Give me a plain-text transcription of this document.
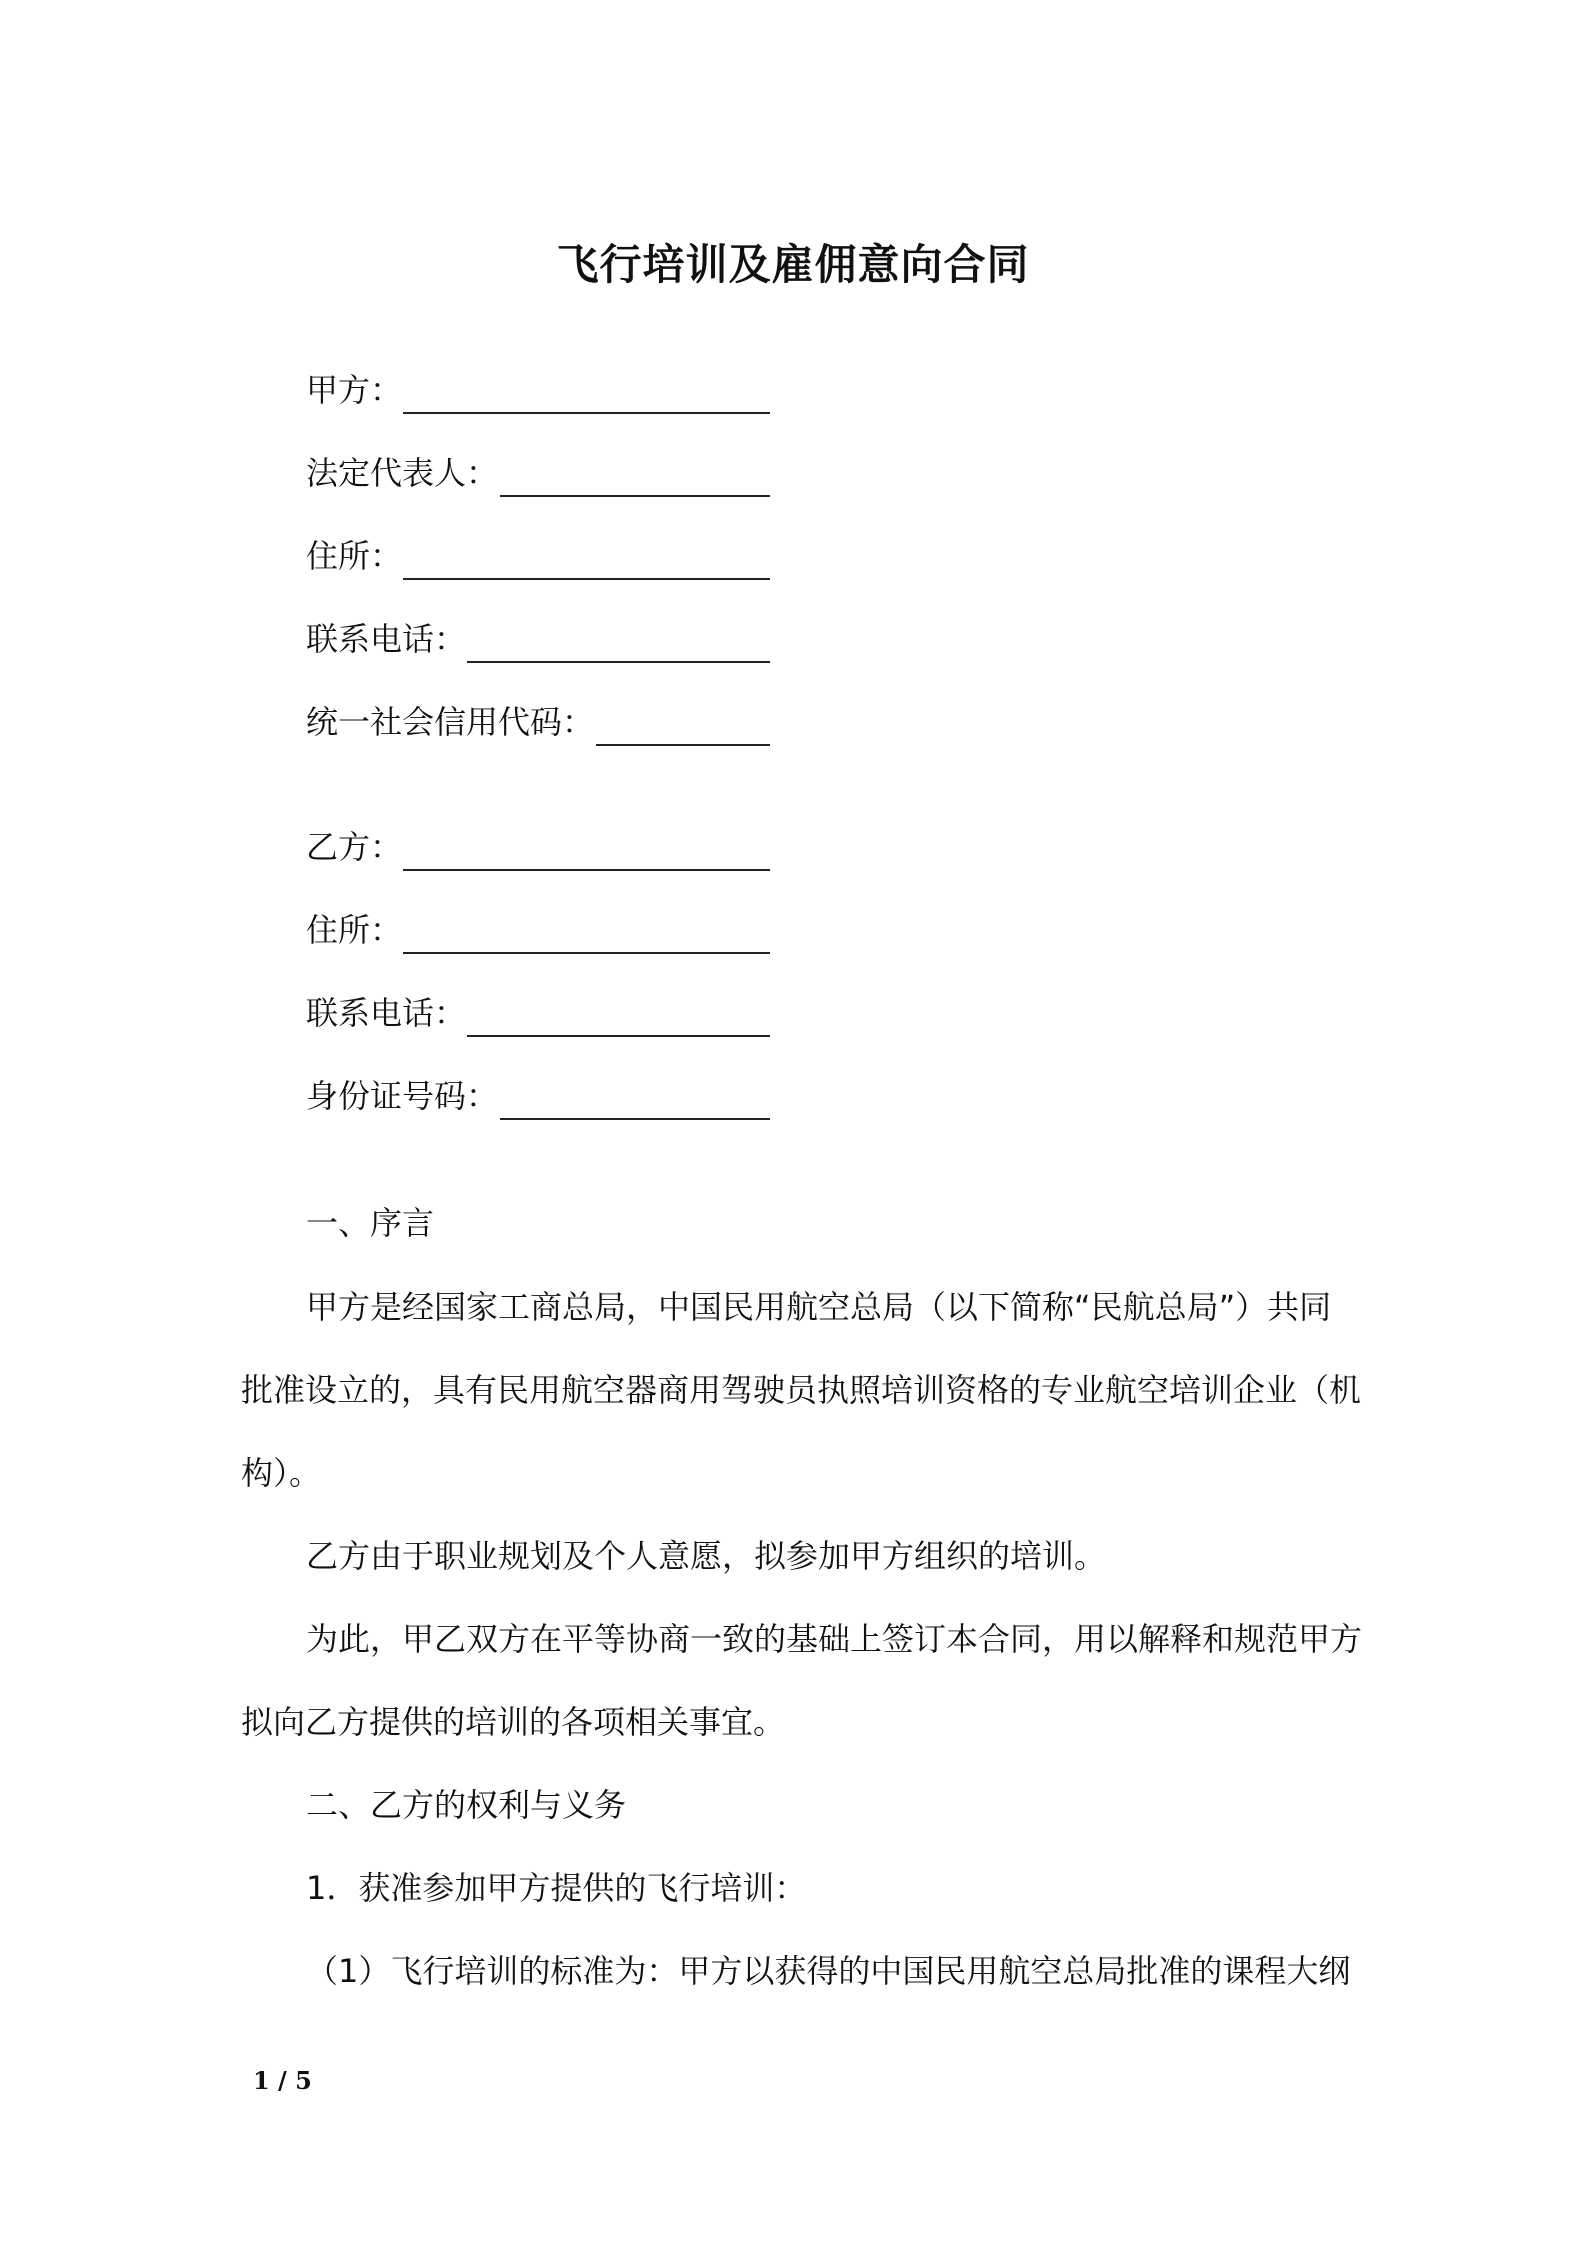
飞行培训及雇佣意向合同
甲方：
法定代表人：
住所：
联系电话：
统一社会信用代码：
乙方：
住所：
联系电话：
身份证号码：
一、序言
甲方是经国家工商总局，中国民用航空总局（以下简称“民航总局”）共同
批准设立的，具有民用航空器商用驾驶员执照培训资格的专业航空培训企业（机
构）。
乙方由于职业规划及个人意愿，拟参加甲方组织的培训。
为此，甲乙双方在平等协商一致的基础上签订本合同，用以解释和规范甲方
拟向乙方提供的培训的各项相关事宜。
二、乙方的权利与义务
1．获准参加甲方提供的飞行培训：
（1）飞行培训的标准为：甲方以获得的中国民用航空总局批准的课程大纲
1 / 5
